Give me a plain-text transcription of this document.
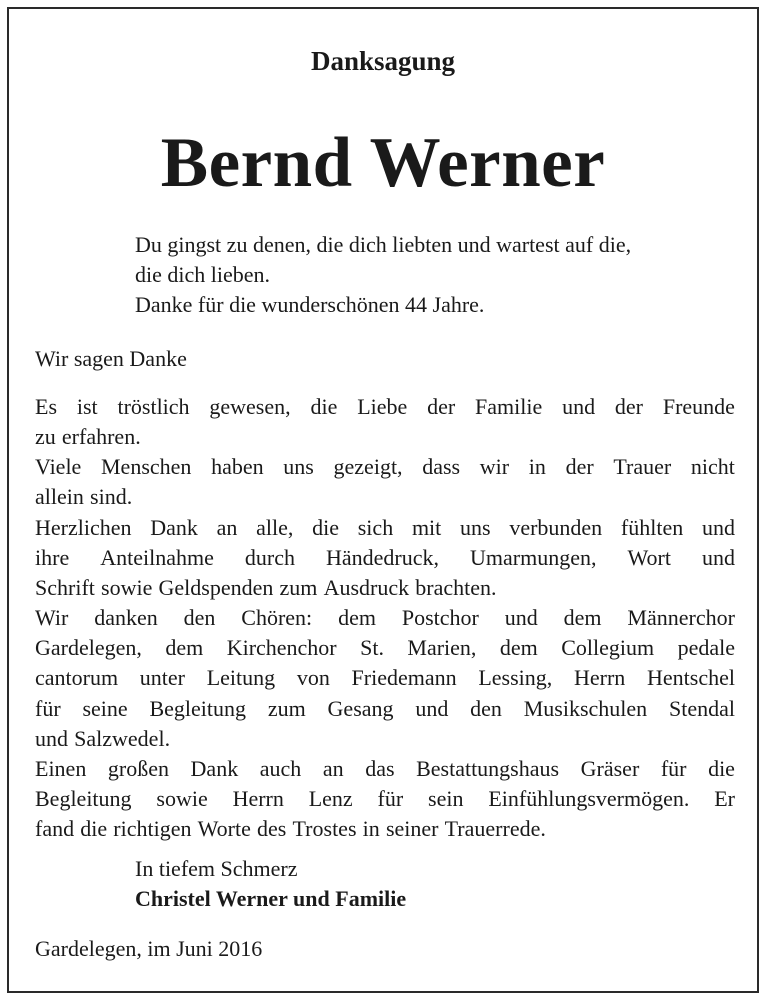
Danksagung
Bernd Werner
Du gingst zu denen, die dich liebten und wartest auf die,
die dich lieben.
Danke für die wunderschönen 44 Jahre.
Wir sagen Danke
Es ist tröstlich gewesen, die Liebe der Familie und der Freunde
zu erfahren.
Viele Menschen haben uns gezeigt, dass wir in der Trauer nicht
allein sind.
Herzlichen Dank an alle, die sich mit uns verbunden fühlten und
ihre Anteilnahme durch Händedruck, Umarmungen, Wort und
Schrift sowie Geldspenden zum Ausdruck brachten.
Wir danken den Chören: dem Postchor und dem Männerchor
Gardelegen, dem Kirchenchor St. Marien, dem Collegium pedale
cantorum unter Leitung von Friedemann Lessing, Herrn Hentschel
für seine Begleitung zum Gesang und den Musikschulen Stendal
und Salzwedel.
Einen großen Dank auch an das Bestattungshaus Gräser für die
Begleitung sowie Herrn Lenz für sein Einfühlungsvermögen. Er
fand die richtigen Worte des Trostes in seiner Trauerrede.
In tiefem Schmerz
Christel Werner und Familie
Gardelegen, im Juni 2016
